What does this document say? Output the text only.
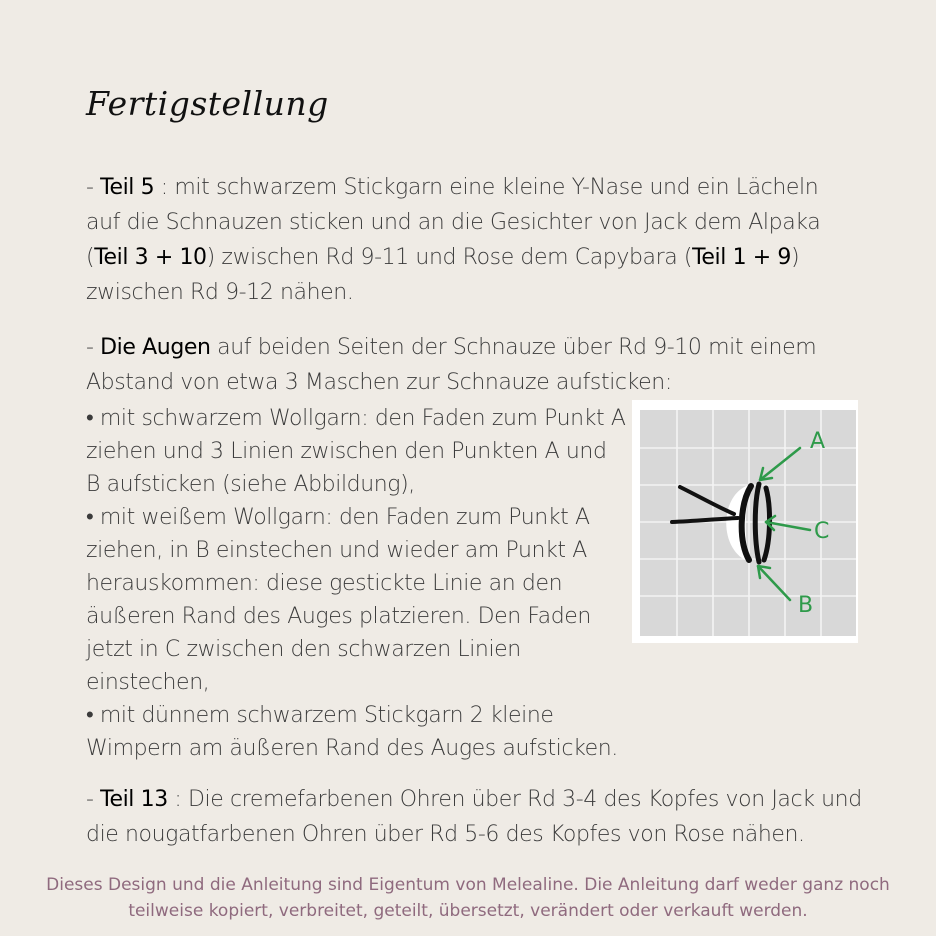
Fertigstellung

- Teil 5 : mit schwarzem Stickgarn eine kleine Y-Nase und ein Lächeln auf die Schnauzen sticken und an die Gesichter von Jack dem Alpaka (Teil 3 + 10) zwischen Rd 9-11 und Rose dem Capybara (Teil 1 + 9) zwischen Rd 9-12 nähen.

- Die Augen auf beiden Seiten der Schnauze über Rd 9-10 mit einem Abstand von etwa 3 Maschen zur Schnauze aufsticken:

• mit schwarzem Wollgarn: den Faden zum Punkt A ziehen und 3 Linien zwischen den Punkten A und B aufsticken (siehe Abbildung),
• mit weißem Wollgarn: den Faden zum Punkt A ziehen, in B einstechen und wieder am Punkt A herauskommen: diese gestickte Linie an den äußeren Rand des Auges platzieren. Den Faden jetzt in C zwischen den schwarzen Linien einstechen,
• mit dünnem schwarzem Stickgarn 2 kleine Wimpern am äußeren Rand des Auges aufsticken.
A
C
B

- Teil 13 : Die cremefarbenen Ohren über Rd 3-4 des Kopfes von Jack und die nougatfarbenen Ohren über Rd 5-6 des Kopfes von Rose nähen.

Dieses Design und die Anleitung sind Eigentum von Melealine. Die Anleitung darf weder ganz noch
teilweise kopiert, verbreitet, geteilt, übersetzt, verändert oder verkauft werden.
